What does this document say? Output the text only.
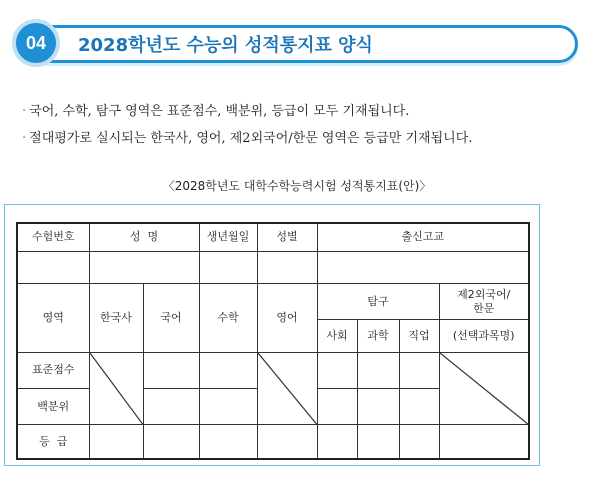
04	2028학년도 수능의 성적통지표 양식
· 국어, 수학, 탐구 영역은 표준점수, 백분위, 등급이 모두 기재됩니다.
· 절대평가로 실시되는 한국사, 영어, 제2외국어/한문 영역은 등급만 기재됩니다.
〈2028학년도 대학수학능력시험 성적통지표(안)〉
수험번호	성  명		생년월일	성별	출신고교			

영역	한국사	국어	수학	영어	탐구			제2외국어/
한문

					사회	과학	직업	(선택과목명)
표준점수	

백분위								
등  급								
